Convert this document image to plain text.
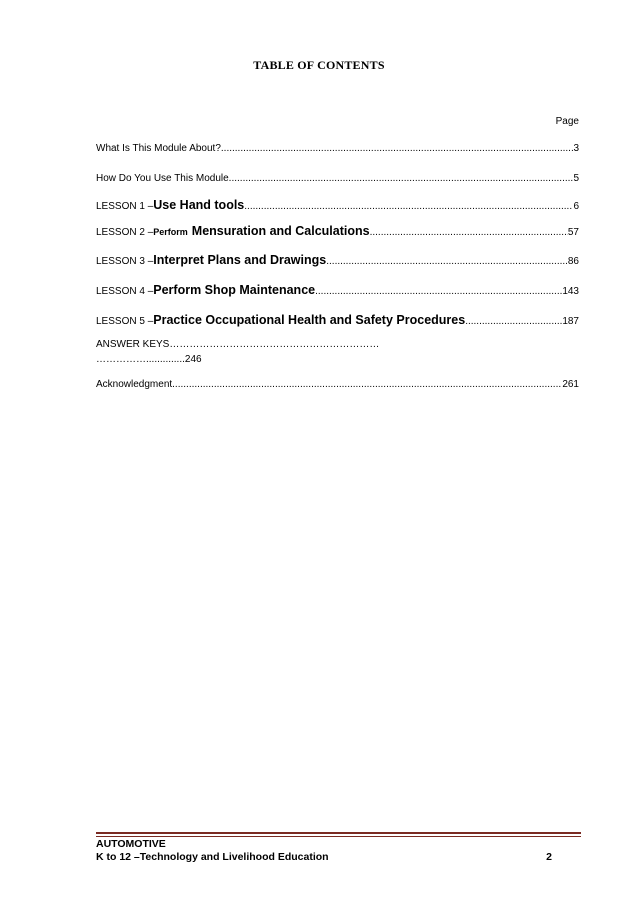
TABLE OF CONTENTS
Page
What Is This Module About? .....	3
How Do You Use This Module .....	5
LESSON 1 – Use Hand tools .....	6
LESSON 2 – Perform Mensuration and Calculations .....	57
LESSON 3 – Interpret Plans and Drawings .....	86
LESSON 4 – Perform Shop Maintenance .....	143
LESSON 5 – Practice Occupational Health and Safety Procedures .....	187
ANSWER KEYS………………………………………………………
……………..............246
Acknowledgment .....	261
AUTOMOTIVE
K to 12 –Technology and Livelihood Education	2
